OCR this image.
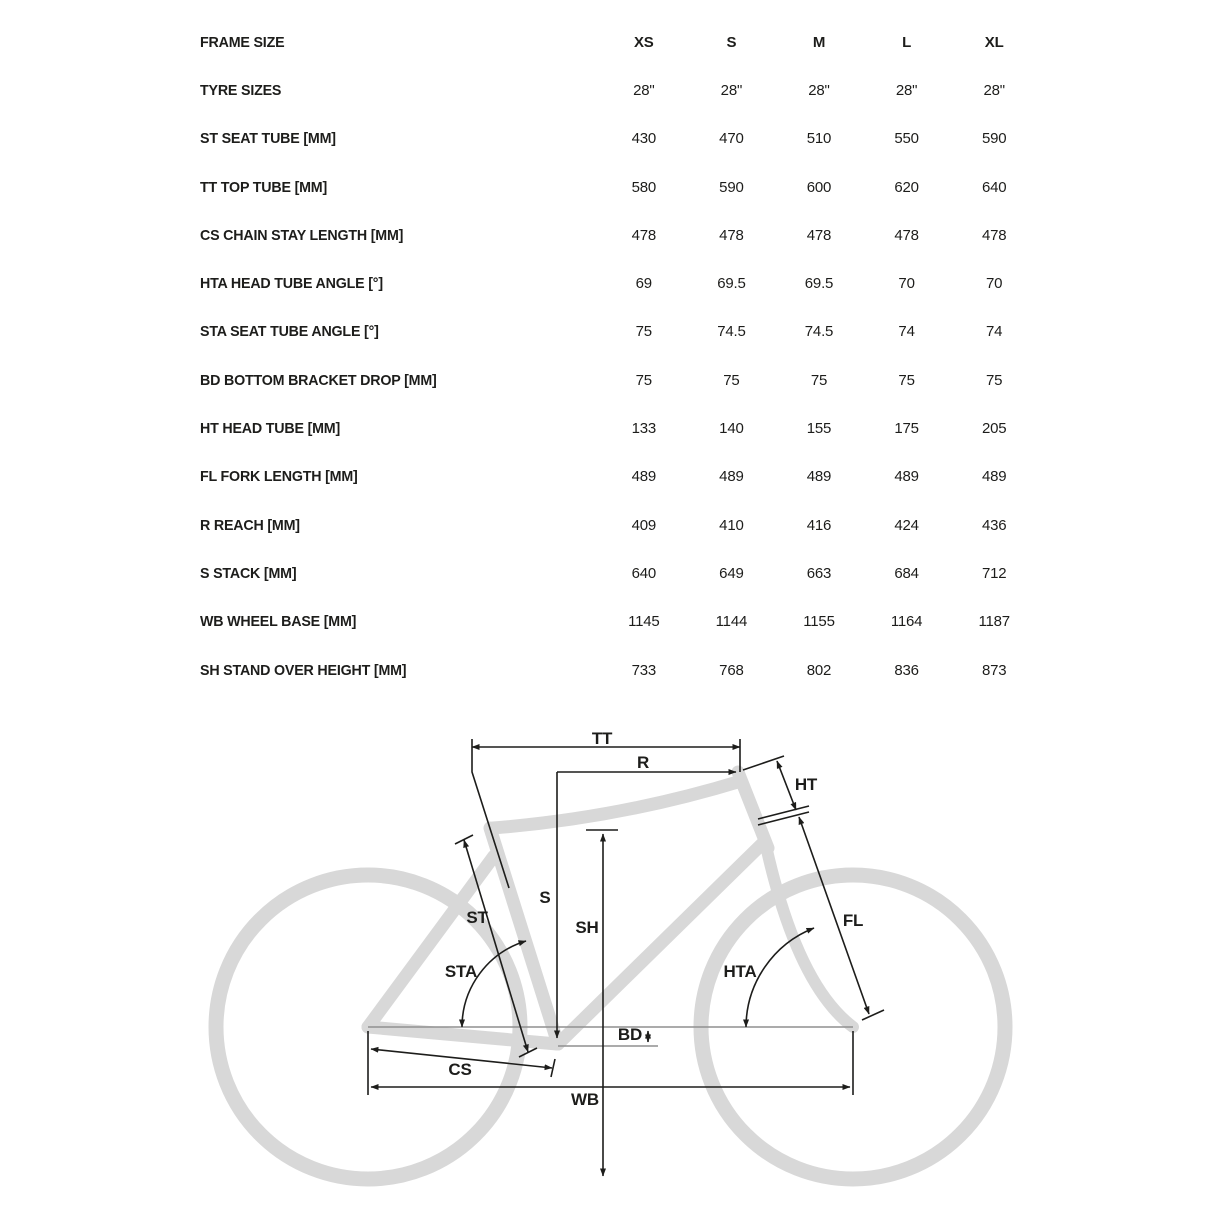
FRAME SIZE	XS	S	M	L	XL
TYRE SIZES	28"	28"	28"	28"	28"
ST SEAT TUBE [MM]	430	470	510	550	590
TT TOP TUBE [MM]	580	590	600	620	640
CS CHAIN STAY LENGTH [MM]	478	478	478	478	478
HTA HEAD TUBE ANGLE [°]	69	69.5	69.5	70	70
STA SEAT TUBE ANGLE [°]	75	74.5	74.5	74	74
BD BOTTOM BRACKET DROP [MM]	75	75	75	75	75
HT HEAD TUBE [MM]	133	140	155	175	205
FL FORK LENGTH [MM]	489	489	489	489	489
R REACH [MM]	409	410	416	424	436
S STACK [MM]	640	649	663	684	712
WB WHEEL BASE [MM]	1145	1144	1155	1164	1187
SH STAND OVER HEIGHT [MM]	733	768	802	836	873
TT
R
HT
S
SH
ST
STA	HTA
BD
CS
WB
FL
